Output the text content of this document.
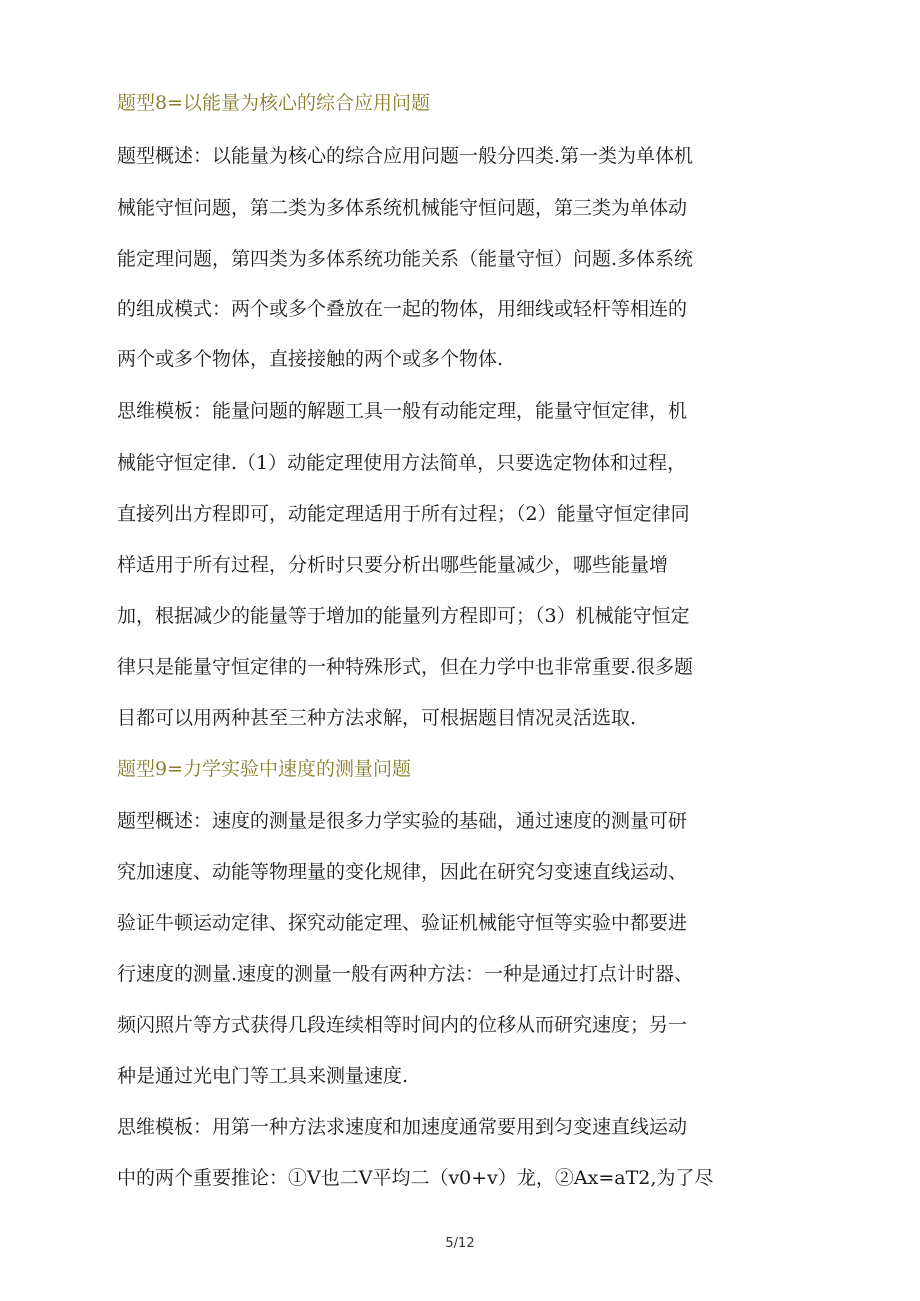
题型8=以能量为核心的综合应用问题
题型概述：以能量为核心的综合应用问题一般分四类.第一类为单体机
械能守恒问题，第二类为多体系统机械能守恒问题，第三类为单体动
能定理问题，第四类为多体系统功能关系（能量守恒）问题.多体系统
的组成模式：两个或多个叠放在一起的物体，用细线或轻杆等相连的
两个或多个物体，直接接触的两个或多个物体.
思维模板：能量问题的解题工具一般有动能定理，能量守恒定律，机
械能守恒定律.（1）动能定理使用方法简单，只要选定物体和过程，
直接列出方程即可，动能定理适用于所有过程；（2）能量守恒定律同
样适用于所有过程，分析时只要分析出哪些能量减少，哪些能量增
加，根据减少的能量等于增加的能量列方程即可；（3）机械能守恒定
律只是能量守恒定律的一种特殊形式，但在力学中也非常重要.很多题
目都可以用两种甚至三种方法求解，可根据题目情况灵活选取.
题型9=力学实验中速度的测量问题
题型概述：速度的测量是很多力学实验的基础，通过速度的测量可研
究加速度、动能等物理量的变化规律，因此在研究匀变速直线运动、
验证牛顿运动定律、探究动能定理、验证机械能守恒等实验中都要进
行速度的测量.速度的测量一般有两种方法：一种是通过打点计时器、
频闪照片等方式获得几段连续相等时间内的位移从而研究速度；另一
种是通过光电门等工具来测量速度.
思维模板：用第一种方法求速度和加速度通常要用到匀变速直线运动
中的两个重要推论：①V也二V平均二（v0+v）龙，②Ax=aT2,为了尽
5/12
